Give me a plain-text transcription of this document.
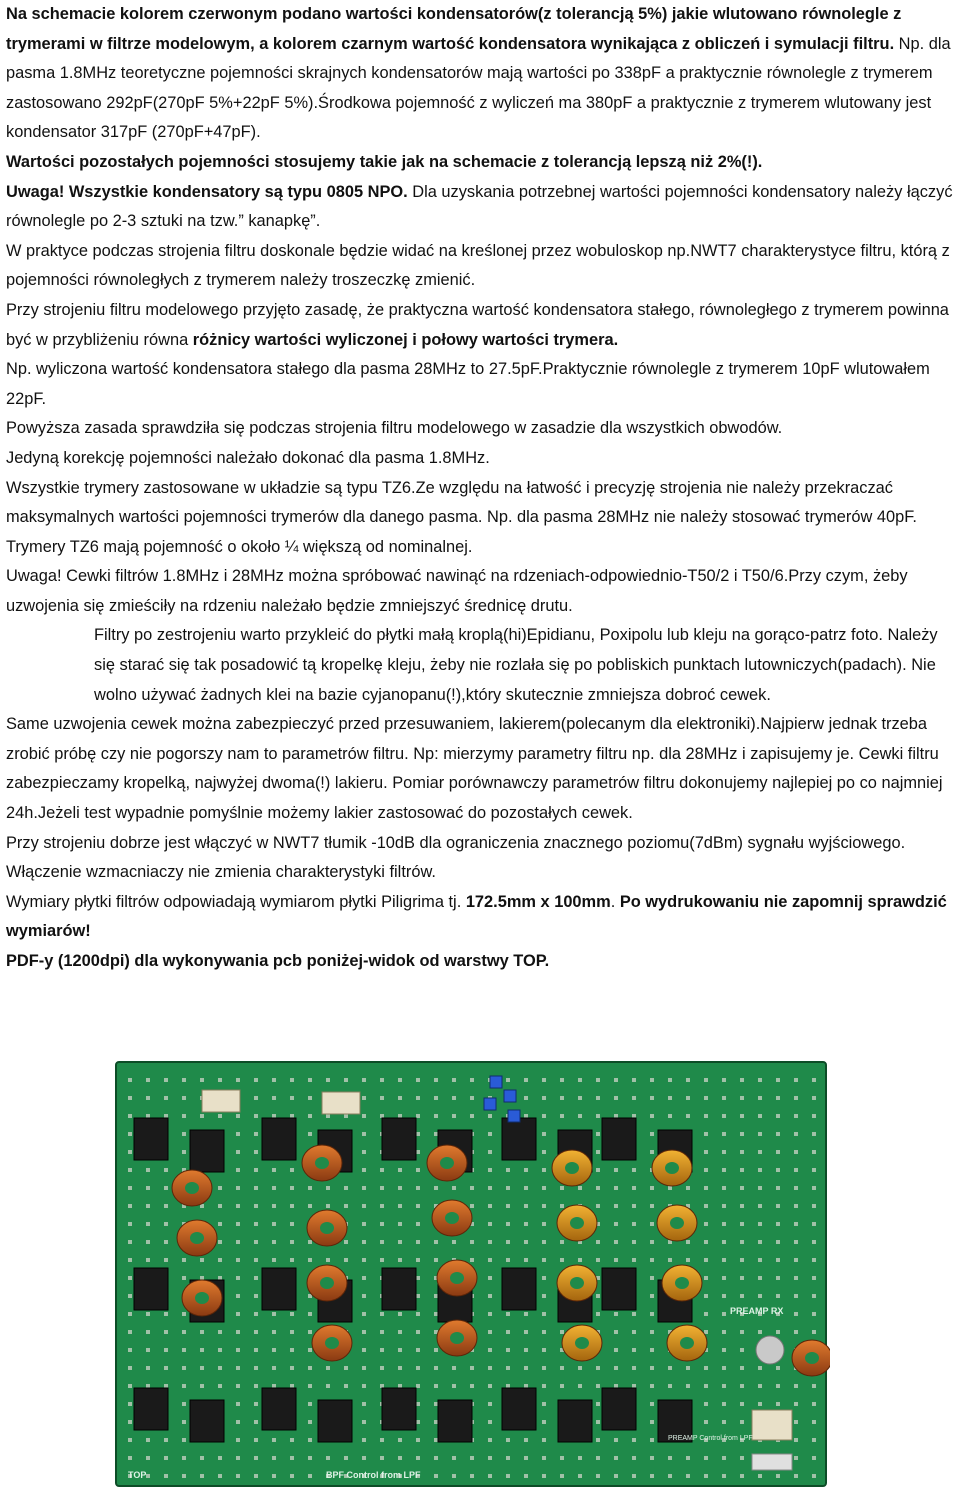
Na schemacie kolorem czerwonym podano wartości kondensatorów(z tolerancją 5%) jakie wlutowano równolegle z trymerami w filtrze modelowym, a kolorem czarnym wartość kondensatora wynikająca z obliczeń i symulacji filtru. Np. dla pasma 1.8MHz teoretyczne pojemności skrajnych kondensatorów mają wartości po 338pF a praktycznie równolegle z trymerem zastosowano 292pF(270pF 5%+22pF 5%).Środkowa pojemność z wyliczeń ma 380pF a praktycznie z trymerem wlutowany jest kondensator 317pF (270pF+47pF).

Wartości pozostałych pojemności stosujemy takie jak na schemacie z tolerancją lepszą niż 2%(!).

Uwaga! Wszystkie kondensatory są typu 0805 NPO. Dla uzyskania potrzebnej wartości pojemności kondensatory należy łączyć równolegle po 2-3 sztuki na tzw.” kanapkę”.

W praktyce podczas strojenia filtru doskonale będzie widać na kreślonej przez wobuloskop np.NWT7 charakterystyce filtru, którą z pojemności równoległych z trymerem należy troszeczkę zmienić.

Przy strojeniu filtru modelowego przyjęto zasadę, że praktyczna wartość kondensatora stałego, równoległego z trymerem powinna być w przybliżeniu równa różnicy wartości wyliczonej i połowy wartości trymera.

Np. wyliczona wartość kondensatora stałego dla pasma 28MHz to 27.5pF.Praktycznie równolegle z trymerem 10pF wlutowałem 22pF.

Powyższa zasada sprawdziła się podczas strojenia filtru modelowego w zasadzie dla wszystkich obwodów.

Jedyną korekcję pojemności należało dokonać dla pasma 1.8MHz.

Wszystkie trymery zastosowane w układzie są typu TZ6.Ze względu na łatwość i precyzję strojenia nie należy przekraczać maksymalnych wartości pojemności trymerów dla danego pasma. Np. dla pasma 28MHz nie należy stosować trymerów 40pF. Trymery TZ6 mają pojemność o około ¼ większą od nominalnej.

Uwaga! Cewki filtrów 1.8MHz i 28MHz można spróbować nawinąć na rdzeniach-odpowiednio-T50/2 i T50/6.Przy czym, żeby uzwojenia się zmieściły na rdzeniu należało będzie zmniejszyć średnicę drutu.

Filtry po zestrojeniu warto przykleić do płytki małą kroplą(hi)Epidianu, Poxipolu lub kleju na gorąco-patrz foto. Należy się starać się tak posadowić tą kropelkę kleju, żeby nie rozlała się po pobliskich punktach lutowniczych(padach). Nie wolno używać żadnych klei na bazie cyjanopanu(!),który skutecznie zmniejsza dobroć cewek.

Same uzwojenia cewek można zabezpieczyć przed przesuwaniem, lakierem(polecanym dla elektroniki).Najpierw jednak trzeba zrobić próbę czy nie pogorszy nam to parametrów filtru. Np: mierzymy parametry filtru np. dla 28MHz i zapisujemy je. Cewki filtru zabezpieczamy kropelką, najwyżej dwoma(!) lakieru. Pomiar porównawczy parametrów filtru dokonujemy najlepiej po co najmniej 24h.Jeżeli test wypadnie pomyślnie możemy lakier zastosować do pozostałych cewek.

Przy strojeniu dobrze jest włączyć w NWT7 tłumik -10dB dla ograniczenia znacznego poziomu(7dBm) sygnału wyjściowego. Włączenie wzmacniaczy nie zmienia charakterystyki filtrów.

Wymiary płytki filtrów odpowiadają wymiarom płytki Piligrima tj. 172.5mm x 100mm. Po wydrukowaniu nie zapomnij sprawdzić wymiarów!

PDF-y (1200dpi) dla wykonywania pcb poniżej-widok od warstwy TOP.

BPF Control from LPF
PREAMP RX
PREAMP Control from LPF
TOP
